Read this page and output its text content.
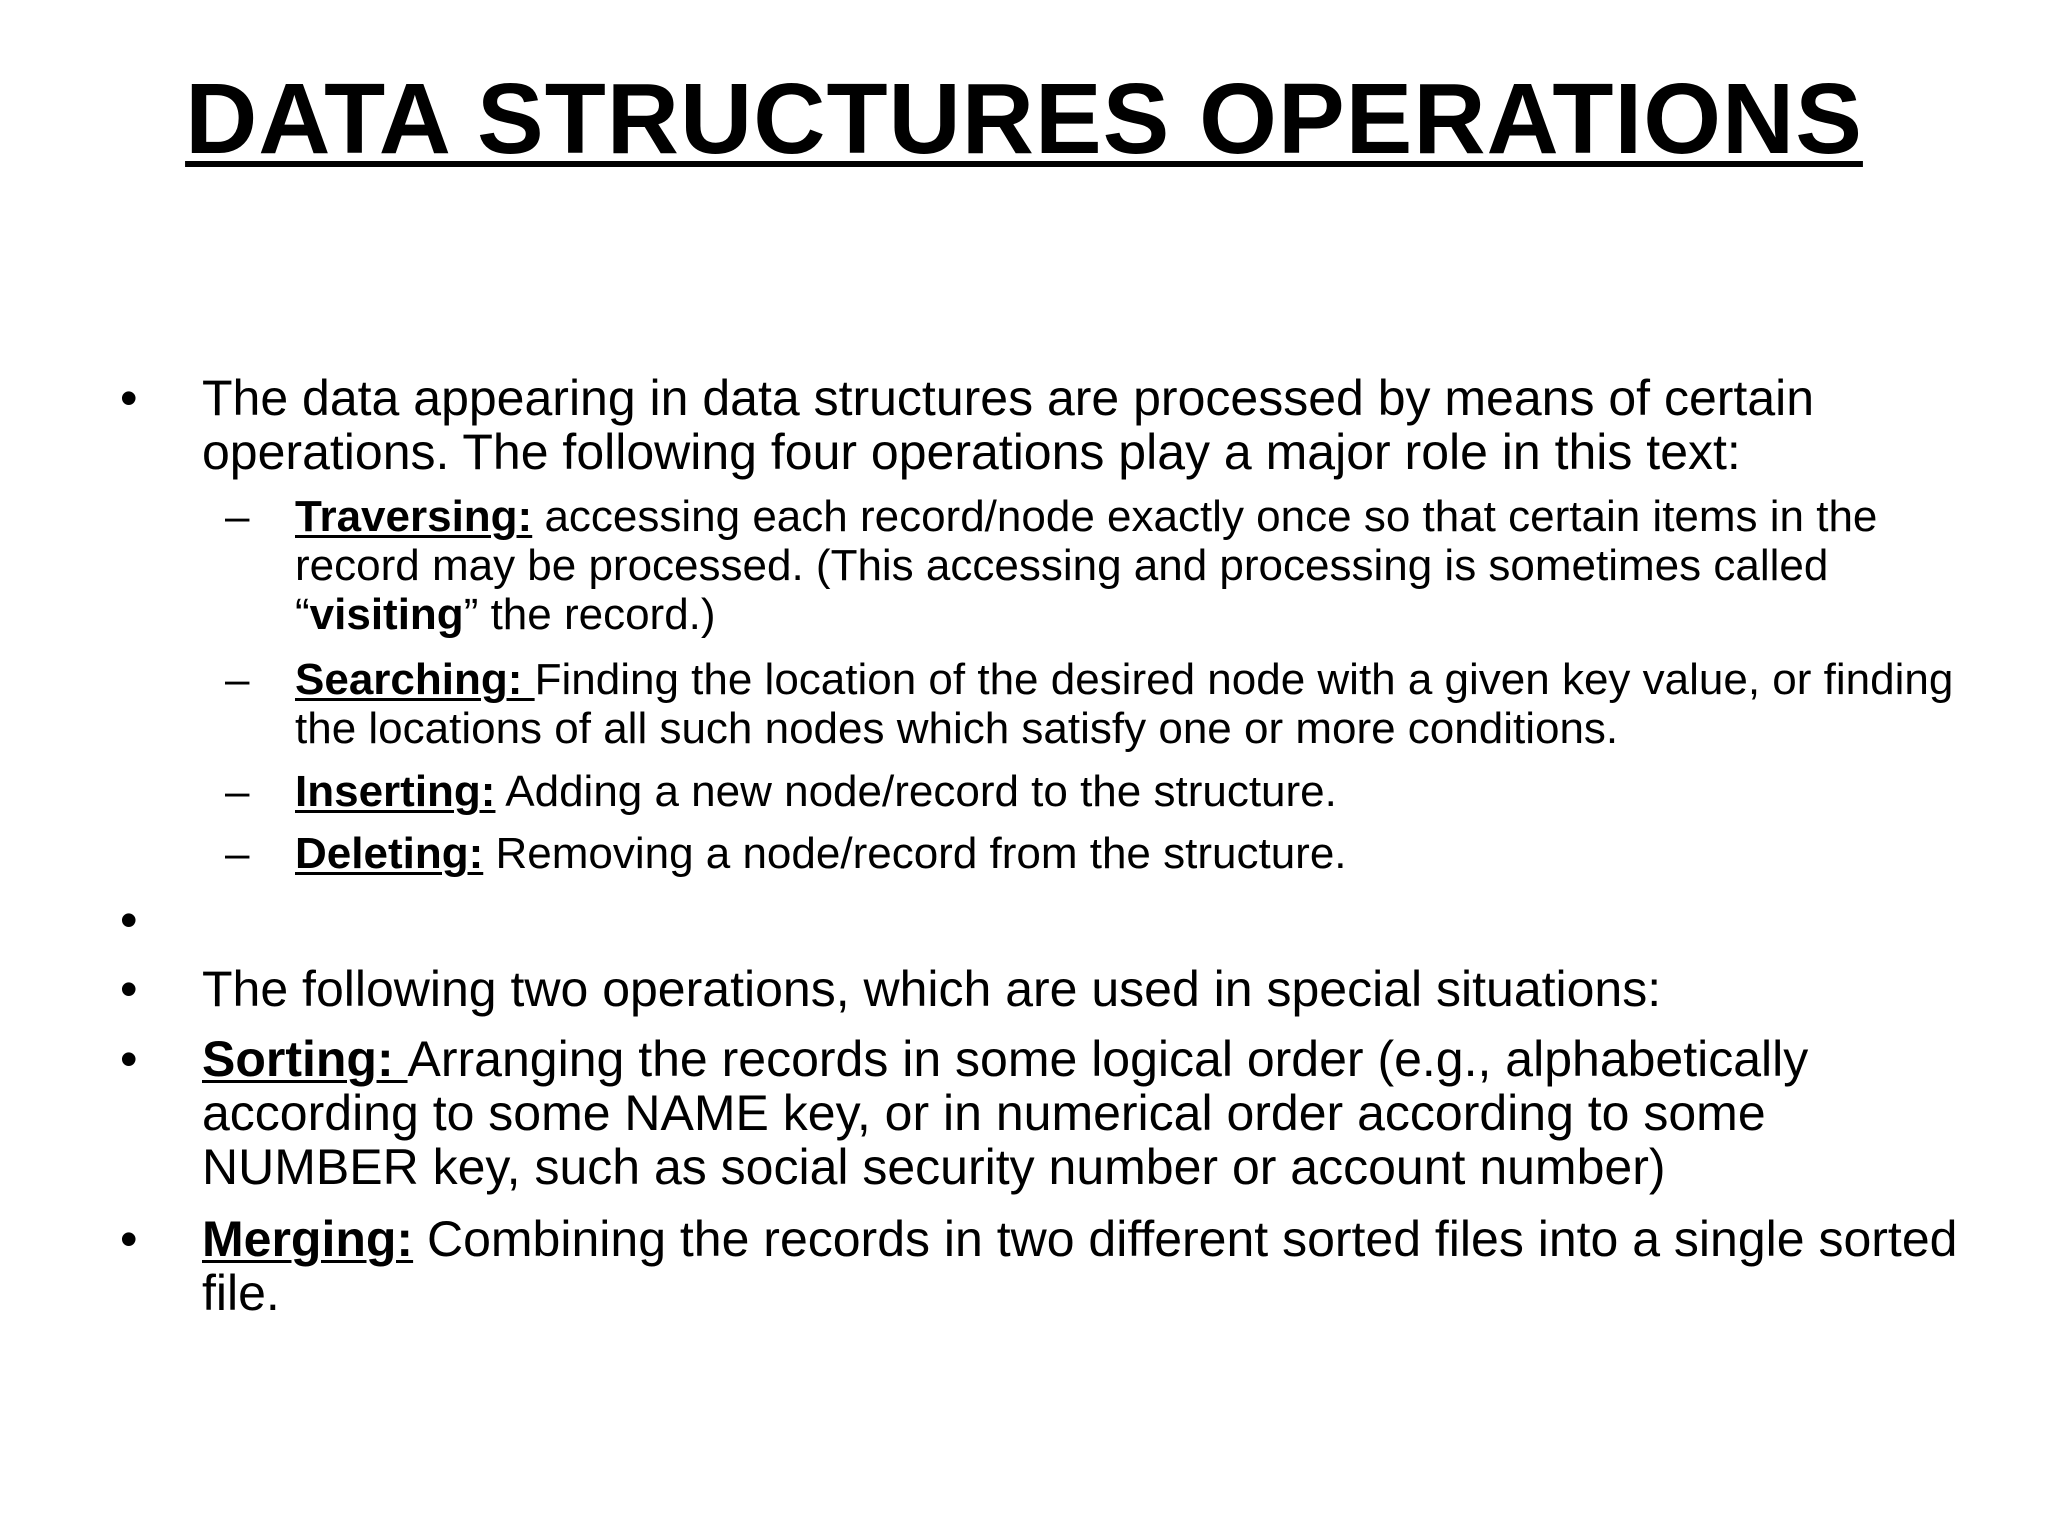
DATA STRUCTURES OPERATIONS
•	The data appearing in data structures are processed by means of certain operations. The following four operations play a major role in this text:
– Traversing: accessing each record/node exactly once so that certain items in the record may be processed. (This accessing and processing is sometimes called “visiting” the record.)
– Searching: Finding the location of the desired node with a given key value, or finding the locations of all such nodes which satisfy one or more conditions.
– Inserting: Adding a new node/record to the structure.
– Deleting: Removing a node/record from the structure.
•
•	The following two operations, which are used in special situations:
•	Sorting: Arranging the records in some logical order (e.g., alphabetically according to some NAME key, or in numerical order according to some NUMBER key, such as social security number or account number)
•	Merging: Combining the records in two different sorted files into a single sorted file.
